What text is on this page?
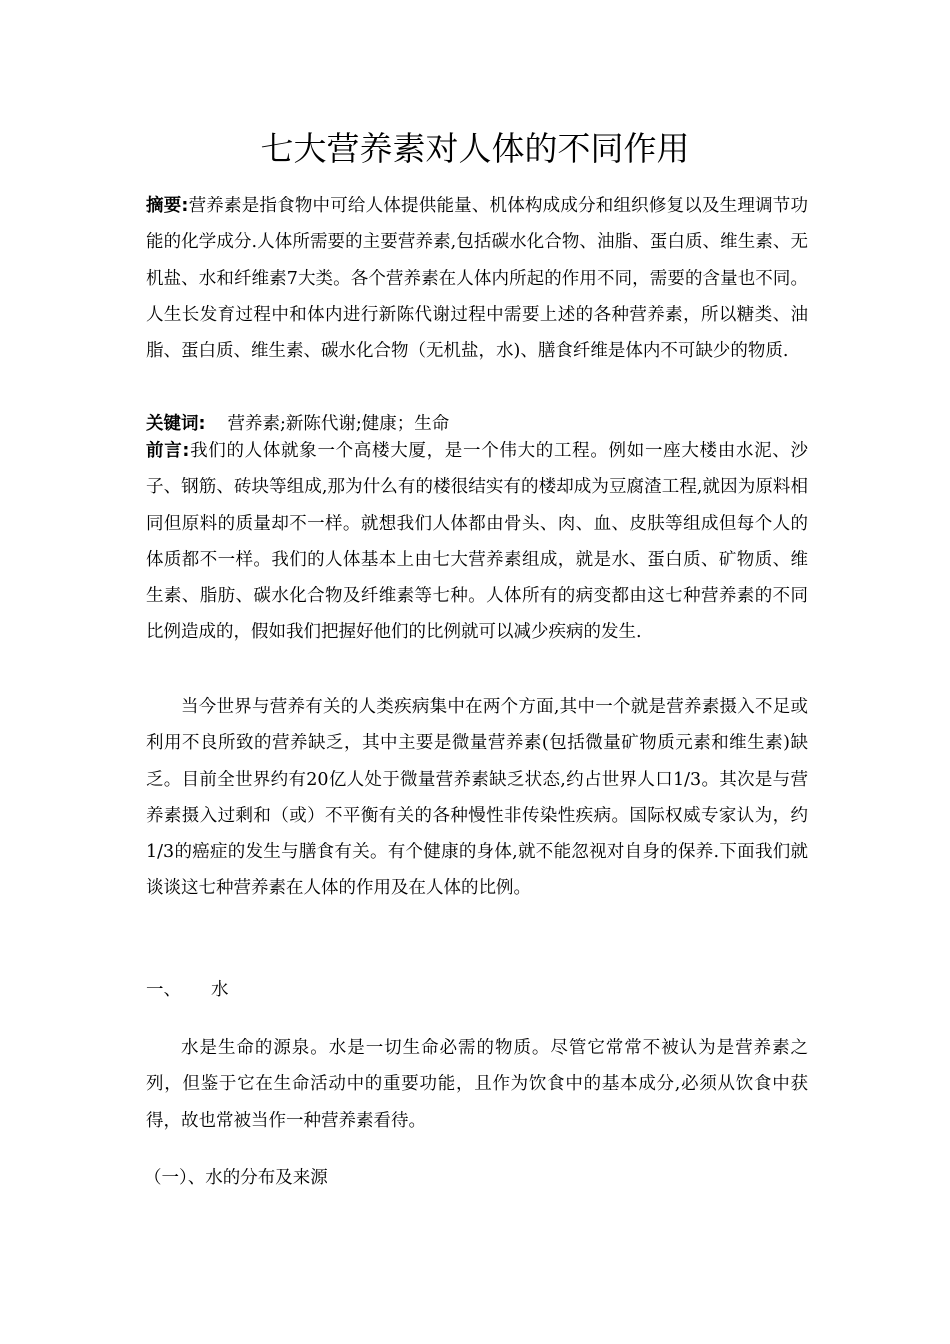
七大营养素对人体的不同作用

摘要:营养素是指食物中可给人体提供能量、机体构成成分和组织修复以及生理调节功能的化学成分.人体所需要的主要营养素,包括碳水化合物、油脂、蛋白质、维生素、无机盐、水和纤维素7大类。各个营养素在人体内所起的作用不同，需要的含量也不同。人生长发育过程中和体内进行新陈代谢过程中需要上述的各种营养素，所以糖类、油脂、蛋白质、维生素、碳水化合物（无机盐，水)、膳食纤维是体内不可缺少的物质.

关键词: 营养素;新陈代谢;健康；生命

前言:我们的人体就象一个高楼大厦，是一个伟大的工程。例如一座大楼由水泥、沙子、钢筋、砖块等组成,那为什么有的楼很结实有的楼却成为豆腐渣工程,就因为原料相同但原料的质量却不一样。就想我们人体都由骨头、肉、血、皮肤等组成但每个人的体质都不一样。我们的人体基本上由七大营养素组成，就是水、蛋白质、矿物质、维生素、脂肪、碳水化合物及纤维素等七种。人体所有的病变都由这七种营养素的不同比例造成的，假如我们把握好他们的比例就可以减少疾病的发生.

当今世界与营养有关的人类疾病集中在两个方面,其中一个就是营养素摄入不足或利用不良所致的营养缺乏，其中主要是微量营养素(包括微量矿物质元素和维生素)缺乏。目前全世界约有20亿人处于微量营养素缺乏状态,约占世界人口1/3。其次是与营养素摄入过剩和（或）不平衡有关的各种慢性非传染性疾病。国际权威专家认为，约1/3的癌症的发生与膳食有关。有个健康的身体,就不能忽视对自身的保养.下面我们就谈谈这七种营养素在人体的作用及在人体的比例。

一、 水

水是生命的源泉。水是一切生命必需的物质。尽管它常常不被认为是营养素之列，但鉴于它在生命活动中的重要功能，且作为饮食中的基本成分,必须从饮食中获得，故也常被当作一种营养素看待。

（一）、水的分布及来源
